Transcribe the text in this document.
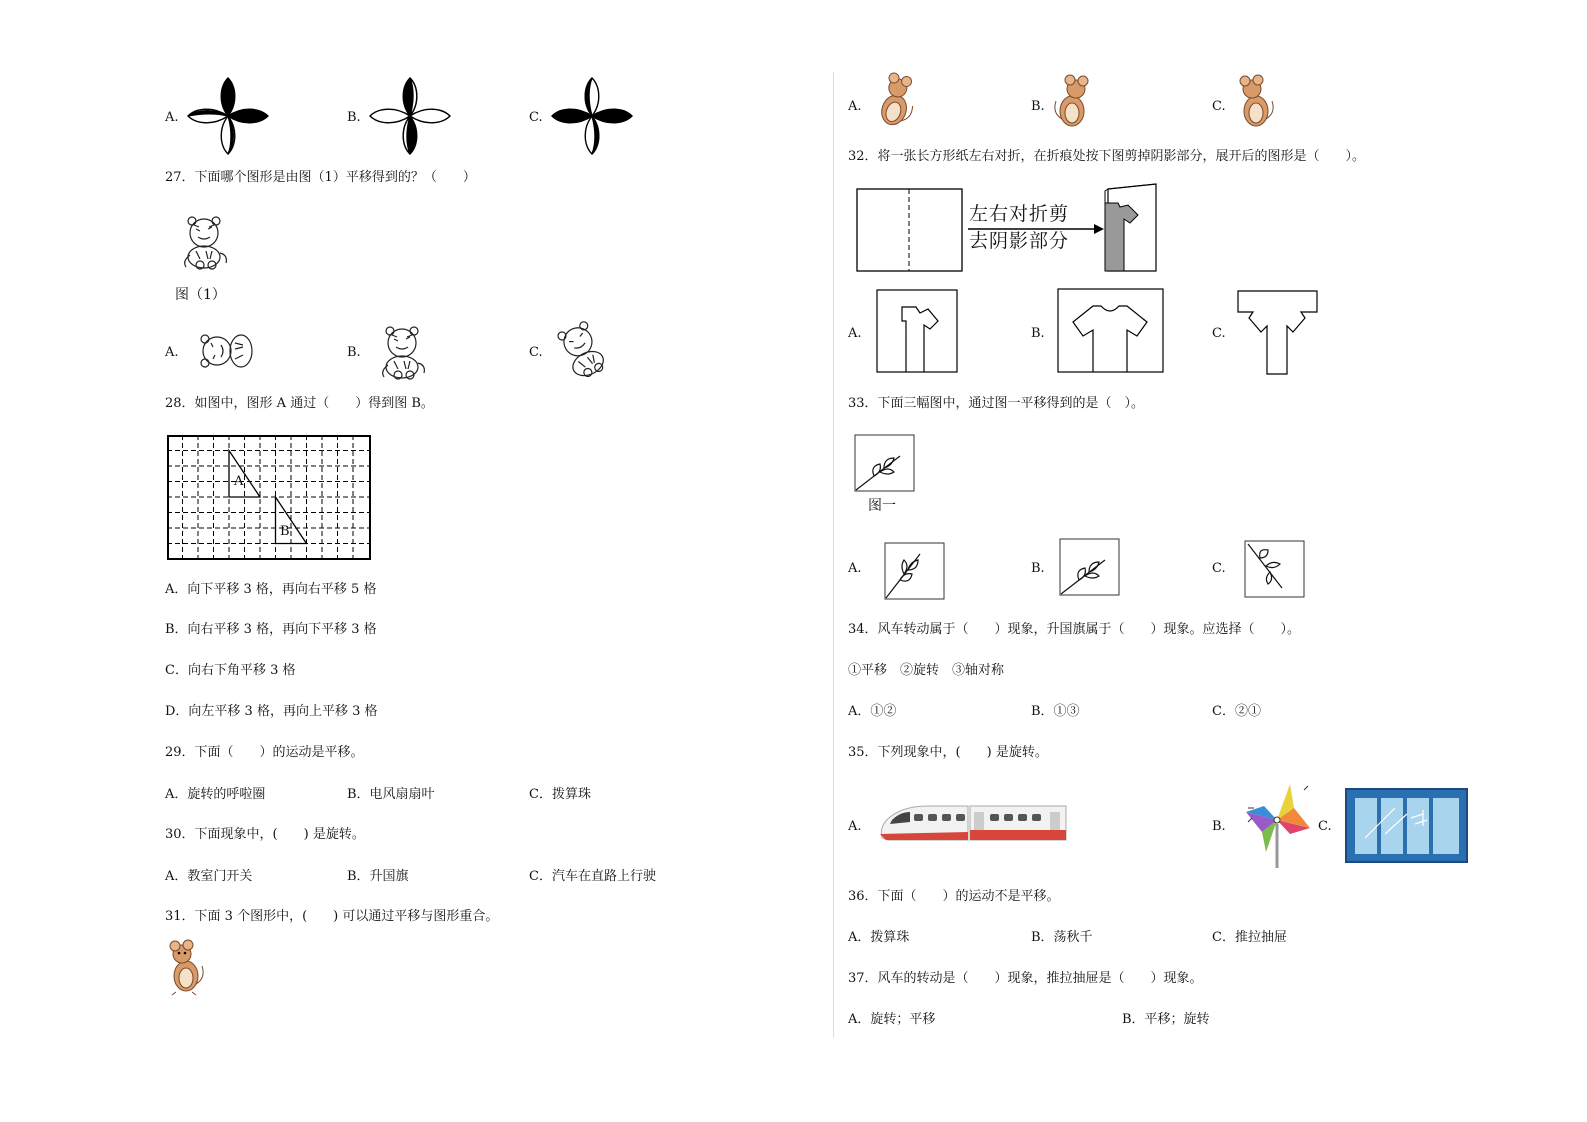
A.	B.	C.
27．下面哪个图形是由图（1）平移得到的？（　　）
图（1）
A.	B.	C.
28．如图中，图形 A 通过（　　）得到图 B。
A
B
A．向下平移 3 格，再向右平移 5 格
B．向右平移 3 格，再向下平移 3 格
C．向右下角平移 3 格
D．向左平移 3 格，再向上平移 3 格
29．下面（　　）的运动是平移。
A．旋转的呼啦圈	B．电风扇扇叶	C．拨算珠
30．下面现象中，(　　) 是旋转。
A．教室门开关	B．升国旗	C．汽车在直路上行驶
31．下面 3 个图形中，(　　) 可以通过平移与图形重合。
A.	B.	C.
32．将一张长方形纸左右对折，在折痕处按下图剪掉阴影部分，展开后的图形是（　　）。
左右对折剪
去阴影部分
A.	B.	C.
33．下面三幅图中，通过图一平移得到的是（　）。
图一
A.	B.	C.
34．风车转动属于（　　）现象，升国旗属于（　　）现象。应选择（　　）。
①平移　②旋转　③轴对称
A．①②	B．①③	C．②①
35．下列现象中，(　　) 是旋转。
A.	B.	C.
36．下面（　　）的运动不是平移。
A．拨算珠	B．荡秋千	C．推拉抽屉
37．风车的转动是（　　）现象，推拉抽屉是（　　）现象。
A．旋转；平移	B．平移；旋转
